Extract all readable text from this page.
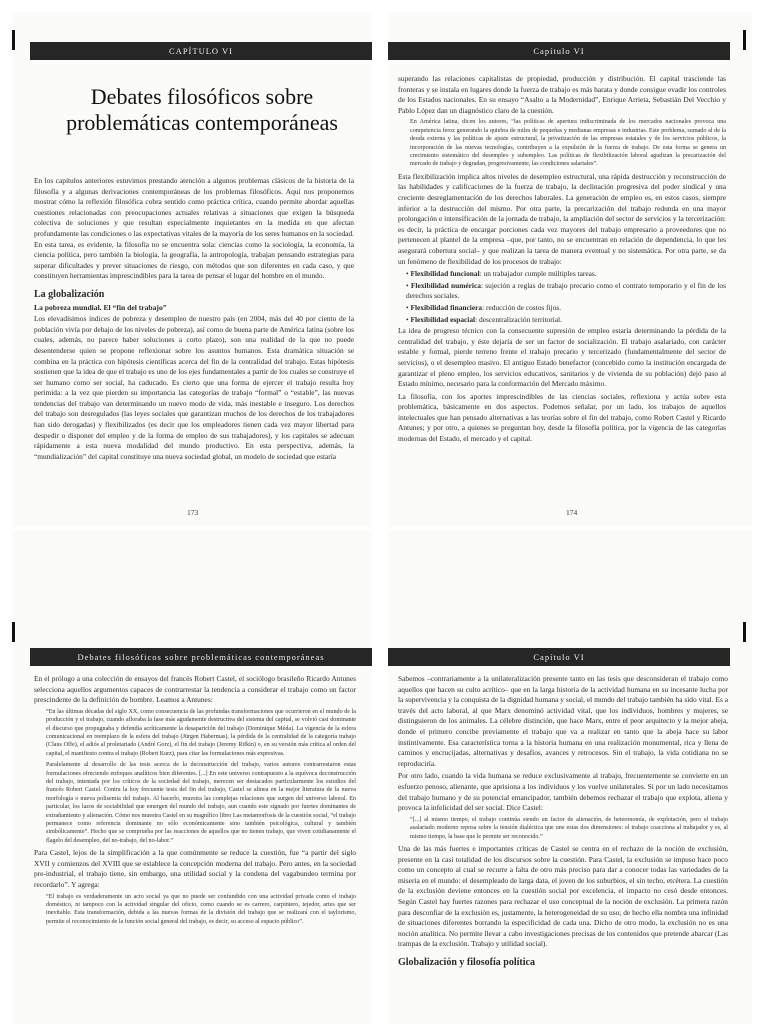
CAPÍTULO VI
Debates filosóficos sobre
problemáticas contemporáneas

En los capítulos anteriores estuvimos prestando atención a algunos problemas clásicos de la historia de la filosofía y a algunas derivaciones contemporáneas de los problemas filosóficos. Aquí nos proponemos mostrar cómo la reflexión filosófica cobra sentido como práctica crítica, cuando permite abordar aquellas cuestiones relacionadas con preocupaciones actuales relativas a situaciones que exigen la búsqueda colectiva de soluciones y que resultan especialmente inquietantes en la medida en que afectan profundamente las condiciones o las expectativas vitales de la mayoría de los seres humanos en la sociedad. En esta tarea, es evidente, la filosofía no se encuentra sola: ciencias como la sociología, la economía, la ciencia política, pero también la biología, la geografía, la antropología, trabajan pensando estrategias para superar dificultades y prever situaciones de riesgo, con métodos que son diferentes en cada caso, y que constituyen herramientas imprescindibles para la tarea de pensar el lugar del hombre en el mundo.

La globalización

La pobreza mundial. El “fin del trabajo”

Los elevadísimos índices de pobreza y desempleo de nuestro país (en 2004, más del 40 por ciento de la población vivía por debajo de los niveles de pobreza), así como de buena parte de América latina (sobre los cuales, además, no parece haber soluciones a corto plazo), son una realidad de la que no puede desentenderse quien se propone reflexionar sobre los asuntos humanos. Esta dramática situación se combina en la práctica con hipótesis científicas acerca del fin de la centralidad del trabajo. Estas hipótesis sostienen que la idea de que el trabajo es uno de los ejes fundamentales a partir de los cuales se construye el ser humano como ser social, ha caducado. Es cierto que una forma de ejercer el trabajo resulta hoy perimida: a la vez que pierden su importancia las categorías de trabajo “formal” o “estable”, las nuevas tendencias del trabajo van determinando un nuevo modo de vida, más inestable e inseguro. Los derechos del trabajo son desregulados (las leyes sociales que garantizan muchos de los derechos de los trabajadores han sido derogadas) y flexibilizados (es decir que los empleadores tienen cada vez mayor libertad para despedir o disponer del empleo y de la forma de empleo de sus trabajadores), y los capitales se adecuan rápidamente a esta nueva modalidad del mundo productivo. En esta perspectiva, además, la “mundialización” del capital constituye una nueva sociedad global, un modelo de sociedad que estaría

173
Capítulo VI

superando las relaciones capitalistas de propiedad, producción y distribución. El capital trasciende las fronteras y se instala en lugares donde la fuerza de trabajo es más barata y donde consigue evadir los controles de los Estados nacionales. En su ensayo “Asalto a la Modernidad”, Enrique Arrieta, Sebastián Del Vecchio y Pablo López dan un diagnóstico claro de la cuestión.

En América latina, dicen los autores, “las políticas de apertura indiscriminada de los mercados nacionales provoca una competencia feroz generando la quiebra de miles de pequeñas y medianas empresas e industrias. Este problema, sumado al de la deuda externa y las políticas de ajuste estructural, la privatización de las empresas estatales y de los servicios públicos, la incorporación de las nuevas tecnologías, contribuyen a la expulsión de la fuerza de trabajo. De esta forma se genera un crecimiento sistemático del desempleo y subempleo. Las políticas de flexibilización laboral agudizan la precarización del mercado de trabajo y degradan, progresivamente, las condiciones salariales”.

Esta flexibilización implica altos niveles de desempleo estructural, una rápida destrucción y reconstrucción de las habilidades y calificaciones de la fuerza de trabajo, la declinación progresiva del poder sindical y una creciente desreglamentación de los derechos laborales. La generación de empleo es, en estos casos, siempre inferior a la destrucción del mismo. Por otra parte, la precarización del trabajo redunda en una mayor prolongación e intensificación de la jornada de trabajo, la ampliación del sector de servicios y la tercerización: es decir, la práctica de encargar porciones cada vez mayores del trabajo empresario a proveedores que no pertenecen al plantel de la empresa –que, por tanto, no se encuentran en relación de dependencia, lo que les asegurará cobertura social– y que realizan la tarea de manera eventual y no sistemática. Por otra parte, se da un fenómeno de flexibilidad de los procesos de trabajo:

• Flexibilidad funcional: un trabajador cumple múltiples tareas.

• Flexibilidad numérica: sujeción a reglas de trabajo precario como el contrato temporario y el fin de los derechos sociales.

• Flexibilidad financiera: reducción de costos fijos.

• Flexibilidad espacial: descentralización territorial.

La idea de progreso técnico con la consecuente supresión de empleo estaría determinando la pérdida de la centralidad del trabajo, y éste dejaría de ser un factor de socialización. El trabajo asalariado, con carácter estable y formal, pierde terreno frente el trabajo precario y tercerizado (fundamentalmente del sector de servicios), o el desempleo masivo. El antiguo Estado benefactor (concebido como la institución encargada de garantizar el pleno empleo, los servicios educativos, sanitarios y de vivienda de su población) dejó paso al Estado mínimo, necesario para la conformación del Mercado máximo.

La filosofía, con los aportes imprescindibles de las ciencias sociales, reflexiona y actúa sobre esta problemática, básicamente en dos aspectos. Podemos señalar, por un lado, los trabajos de aquellos intelectuales que han pensado alternativas a las teorías sobre el fin del trabajo, como Robert Castel y Ricardo Antunes; y por otro, a quienes se preguntan hoy, desde la filosofía política, por la vigencia de las categorías modernas del Estado, el mercado y el capital.

174
Debates filosóficos sobre problemáticas contemporáneas

En el prólogo a una colección de ensayos del francés Robert Castel, el sociólogo brasileño Ricardo Antunes selecciona aquellos argumentos capaces de contrarrestar la tendencia a considerar el trabajo como un factor prescindente de la definición de hombre. Leamos a Antunes:

“En las últimas décadas del siglo XX, como consecuencia de las profundas transformaciones que ocurrieron en el mundo de la producción y el trabajo, cuando afloraba la fase más agudamente destructiva del sistema del capital, se volvió casi dominante el discurso que propugnaba y defendía acríticamente la desaparición del trabajo (Dominique Méda). La vigencia de la esfera comunicacional en reemplazo de la esfera del trabajo (Jürgen Habermas), la pérdida de la centralidad de la categoría trabajo (Claus Offe), el adiós al proletariado (André Gorz), el fin del trabajo (Jeremy Rifkin) o, en su versión más crítica al orden del capital, el manifiesto contra el trabajo (Robert Kurz), para citar las formulaciones más expresivas.

Paralelamente al desarrollo de las tesis acerca de la deconstrucción del trabajo, varios autores contrarrestaron estas formulaciones ofreciendo enfoques analíticos bien diferentes. [...] En este universo contrapuesto a la equívoca deconstrucción del trabajo, intentada por los críticos de la sociedad del trabajo, merecen ser destacados particularmente los estudios del francés Robert Castel. Contra la hoy frecuente tesis del fin del trabajo, Castel se alinea en la mejor literatura de la nueva morfología o nueva polisemia del trabajo. Al hacerlo, muestra las complejas relaciones que surgen del universo laboral. En particular, los lazos de sociabilidad que emergen del mundo del trabajo, aun cuando este signado por fuertes dominantes de extrañamiento y alienación. Cómo nos muestra Castel en su magnífico libro Las metamorfosis de la cuestión social, “el trabajo permanece como referencia dominante no sólo económicamente sino también psicológica, cultural y también simbólicamente”. Hecho que se comprueba por las reacciones de aquellos que no tienen trabajo, que viven cotidianamente el flagelo del desempleo, del no-trabajo, del no-labor.”

Para Castel, lejos de la simplificación a la que comúnmente se reduce la cuestión, fue “a partir del siglo XVII y comienzos del XVIII que se establece la concepción moderna del trabajo. Pero antes, en la sociedad pre-industrial, el trabajo tiene, sin embargo, una utilidad social y la condena del vagabundeo termina por recordarlo”. Y agrega:

“El trabajo es verdaderamente un acto social ya que no puede ser confundido con una actividad privada como el trabajo doméstico, ni tampoco con la actividad singular del oficio, como cuando se es carrero, carpintero, tejedor, artes que ser inevitable. Esta transformación, debida a las nuevas formas de la división del trabajo que se realizará con el taylorismo, permite el reconocimiento de la función social general del trabajo, es decir, su acceso al espacio público”.

Capítulo VI

Sabemos –contrariamente a la unilateralización presente tanto en las tesis que desconsideran el trabajo como aquellos que hacen su culto acrítico– que en la larga historia de la actividad humana en su incesante lucha por la supervivencia y la conquista de la dignidad humana y social, el mundo del trabajo también ha sido vital. Es a través del acto laboral, al que Marx denominó actividad vital, que los individuos, hombres y mujeres, se distinguieron de los animales. La célebre distinción, que hace Marx, entre el peor arquitecto y la mejor abeja, donde el primero concibe previamente el trabajo que va a realizar en tanto que la abeja hace su labor instintivamente. Esa característica torna a la historia humana en una realización monumental, rica y llena de caminos y encrucijadas, alternativas y desafíos, avances y retrocesos. Sin el trabajo, la vida cotidiana no se reproduciría.

Por otro lado, cuando la vida humana se reduce exclusivamente al trabajo, frecuentemente se convierte en un esfuerzo penoso, alienante, que aprisiona a los individuos y los vuelve unilaterales. Si por un lado necesitamos del trabajo humano y de su potencial emancipador, también debemos rechazar el trabajo que explota, aliena y provoca la infelicidad del ser social. Dice Castel:

“[...] al mismo tiempo, el trabajo continúa siendo un factor de alienación, de heteronomía, de explotación, pero el trabajo asalariado moderno reposa sobre la tensión dialéctica que une estas dos dimensiones: el trabajo coacciona al trabajador y es, al mismo tiempo, la base que le permite ser reconocido.”

Una de las más fuertes e importantes críticas de Castel se centra en el rechazo de la noción de exclusión, presente en la casi totalidad de los discursos sobre la cuestión. Para Castel, la exclusión se impuso hace poco como un concepto al cual se recurre a falta de otro más preciso para dar a conocer todas las variedades de la miseria en el mundo: el desempleado de larga data, el joven de los suburbios, el sin techo, etcétera. La cuestión de la exclusión deviene entonces en la cuestión social por excelencia, el impacto no cesó desde entonces. Según Castel hay fuertes razones para rechazar el uso conceptual de la noción de exclusión. La primera razón para desconfiar de la exclusión es, justamente, la heterogeneidad de su uso; de hecho ella nombra una infinidad de situaciones diferentes borrando la especificidad de cada una. Dicho de otro modo, la exclusión no es una noción analítica. No permite llevar a cabo investigaciones precisas de los contenidos que pretende abarcar (Las trampas de la exclusión. Trabajo y utilidad social).

Globalización y filosofía política
